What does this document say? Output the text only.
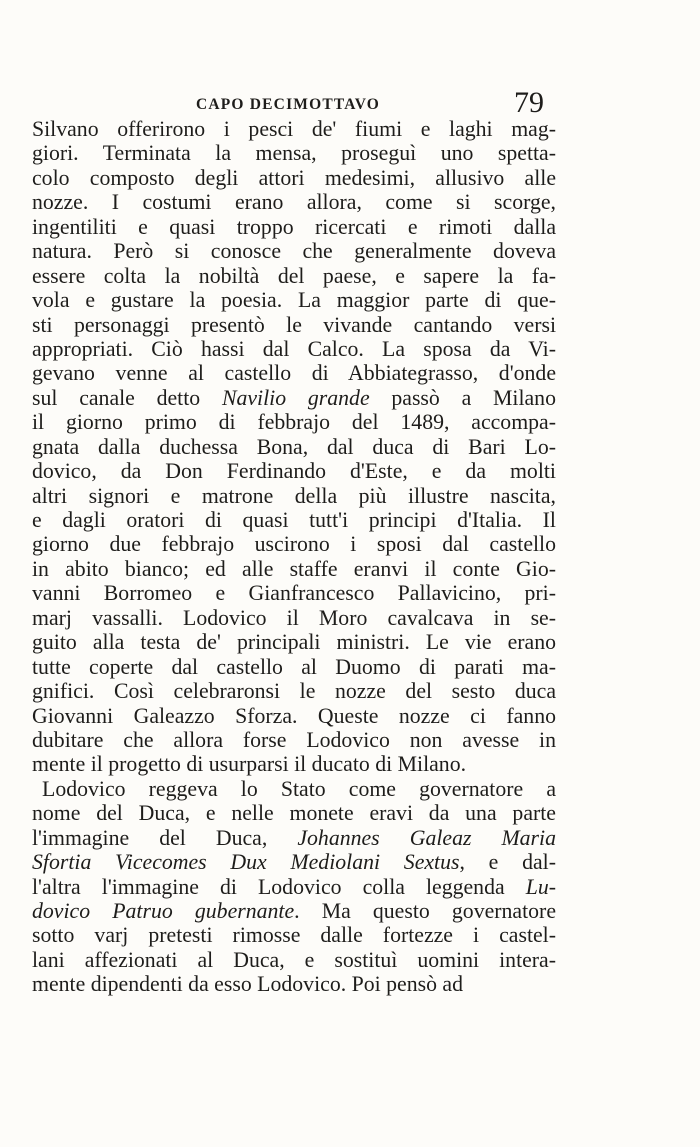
CAPO DECIMOTTAVO	79
Silvano offerirono i pesci de' fiumi e laghi mag-
giori. Terminata la mensa, proseguì uno spetta-
colo composto degli attori medesimi, allusivo alle
nozze. I costumi erano allora, come si scorge,
ingentiliti e quasi troppo ricercati e rimoti dalla
natura. Però si conosce che generalmente doveva
essere colta la nobiltà del paese, e sapere la fa-
vola e gustare la poesia. La maggior parte di que-
sti personaggi presentò le vivande cantando versi
appropriati. Ciò hassi dal Calco. La sposa da Vi-
gevano venne al castello di Abbiategrasso, d'onde
sul canale detto Navilio grande passò a Milano
il giorno primo di febbrajo del 1489, accompa-
gnata dalla duchessa Bona, dal duca di Bari Lo-
dovico, da Don Ferdinando d'Este, e da molti
altri signori e matrone della più illustre nascita,
e dagli oratori di quasi tutt'i principi d'Italia. Il
giorno due febbrajo uscirono i sposi dal castello
in abito bianco; ed alle staffe eranvi il conte Gio-
vanni Borromeo e Gianfrancesco Pallavicino, pri-
marj vassalli. Lodovico il Moro cavalcava in se-
guito alla testa de' principali ministri. Le vie erano
tutte coperte dal castello al Duomo di parati ma-
gnifici. Così celebraronsi le nozze del sesto duca
Giovanni Galeazzo Sforza. Queste nozze ci fanno
dubitare che allora forse Lodovico non avesse in
mente il progetto di usurparsi il ducato di Milano.
Lodovico reggeva lo Stato come governatore a
nome del Duca, e nelle monete eravi da una parte
l'immagine del Duca, Johannes Galeaz Maria
Sfortia Vicecomes Dux Mediolani Sextus, e dal-
l'altra l'immagine di Lodovico colla leggenda Lu-
dovico Patruo gubernante. Ma questo governatore
sotto varj pretesti rimosse dalle fortezze i castel-
lani affezionati al Duca, e sostituì uomini intera-
mente dipendenti da esso Lodovico. Poi pensò ad
